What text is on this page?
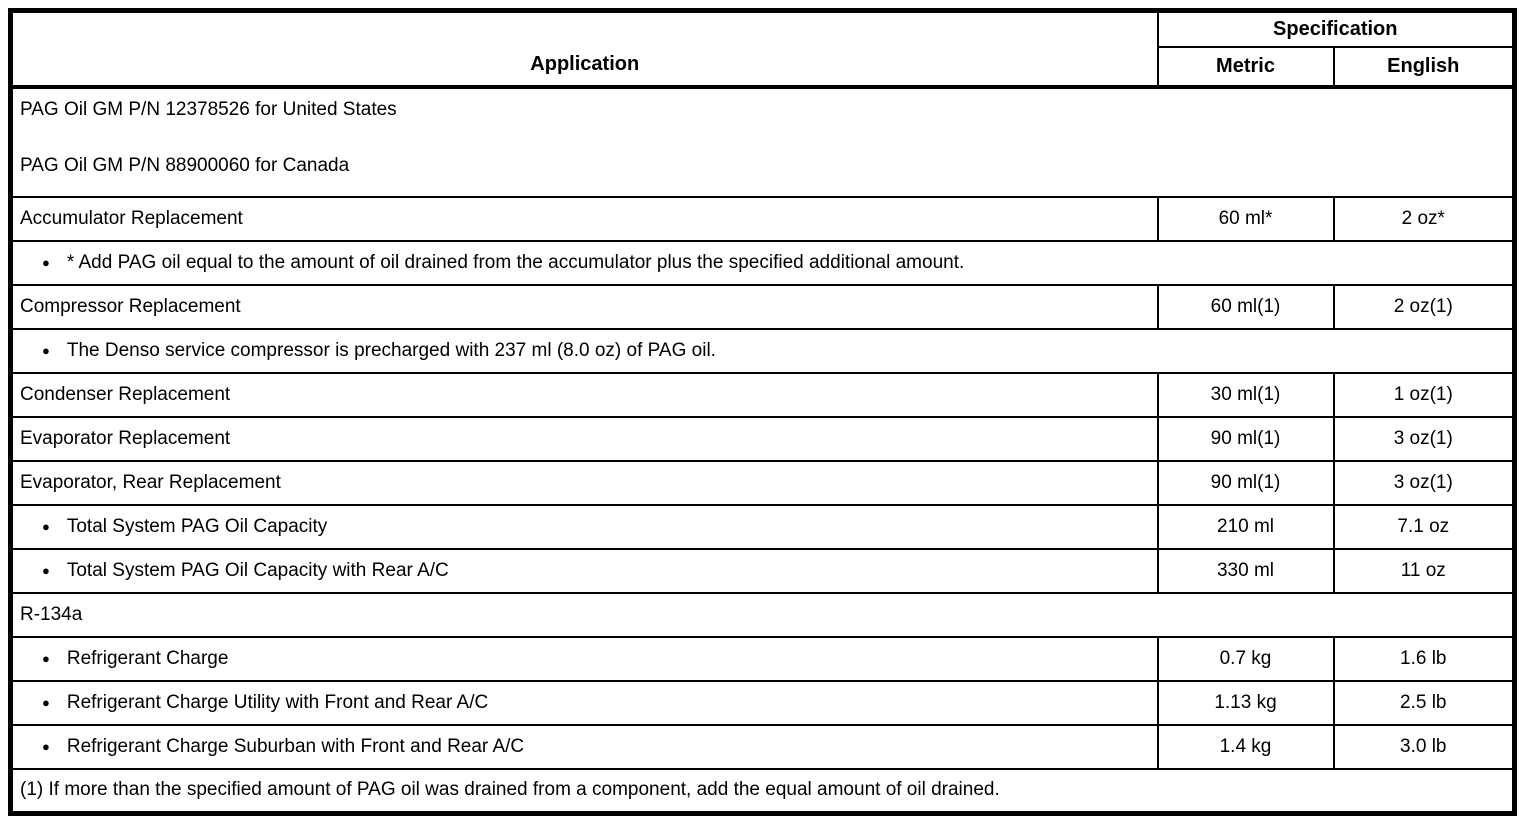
Application	Specification	
	Metric	English

PAG Oil GM P/N 12378526 for United States
PAG Oil GM P/N 88900060 for Canada		

Accumulator Replacement	60 ml*	2 oz*
● * Add PAG oil equal to the amount of oil drained from the accumulator plus the specified additional amount.		
Compressor Replacement	60 ml(1)	2 oz(1)
● The Denso service compressor is precharged with 237 ml (8.0 oz) of PAG oil.		
Condenser Replacement	30 ml(1)	1 oz(1)
Evaporator Replacement	90 ml(1)	3 oz(1)
Evaporator, Rear Replacement	90 ml(1)	3 oz(1)
● Total System PAG Oil Capacity	210 ml	7.1 oz
● Total System PAG Oil Capacity with Rear A/C	330 ml	11 oz

R-134a		

● Refrigerant Charge	0.7 kg	1.6 lb
● Refrigerant Charge Utility with Front and Rear A/C	1.13 kg	2.5 lb
● Refrigerant Charge Suburban with Front and Rear A/C	1.4 kg	3.0 lb
(1) If more than the specified amount of PAG oil was drained from a component, add the equal amount of oil drained.		
